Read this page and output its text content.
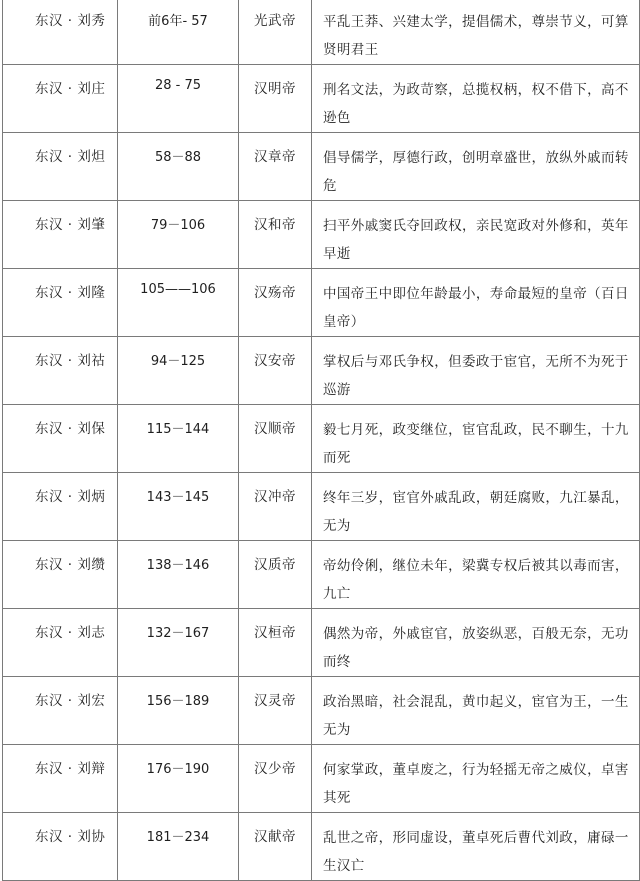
东汉 · 刘秀	前6年- 57	光武帝	平乱王莽、兴建太学，提倡儒术，尊崇节义，可算贤明君王
东汉 · 刘庄	28 - 75	汉明帝	刑名文法，为政苛察，总揽权柄，权不借下，高不逊色
东汉 · 刘炟	58－88	汉章帝	倡导儒学，厚德行政，创明章盛世，放纵外戚而转危
东汉 · 刘肇	79－106	汉和帝	扫平外戚窦氏夺回政权，亲民宽政对外修和，英年早逝
东汉 · 刘隆	105——106	汉殇帝	中国帝王中即位年龄最小，寿命最短的皇帝（百日皇帝）
东汉 · 刘祜	94－125	汉安帝	掌权后与邓氏争权，但委政于宦官，无所不为死于巡游
东汉 · 刘保	115－144	汉顺帝	毅七月死，政变继位，宦官乱政，民不聊生，十九而死
东汉 · 刘炳	143－145	汉冲帝	终年三岁，宦官外戚乱政，朝廷腐败，九江暴乱，无为
东汉 · 刘缵	138－146	汉质帝	帝幼伶俐，继位未年，梁冀专权后被其以毒而害，九亡
东汉 · 刘志	132－167	汉桓帝	偶然为帝，外戚宦官，放姿纵恶，百般无奈，无功而终
东汉 · 刘宏	156－189	汉灵帝	政治黑暗，社会混乱，黄巾起义，宦官为王，一生无为
东汉 · 刘辩	176－190	汉少帝	何家掌政，董卓废之，行为轻摇无帝之威仪，卓害其死
东汉 · 刘协	181－234	汉献帝	乱世之帝，形同虚设，董卓死后曹代刘政，庸碌一生汉亡
